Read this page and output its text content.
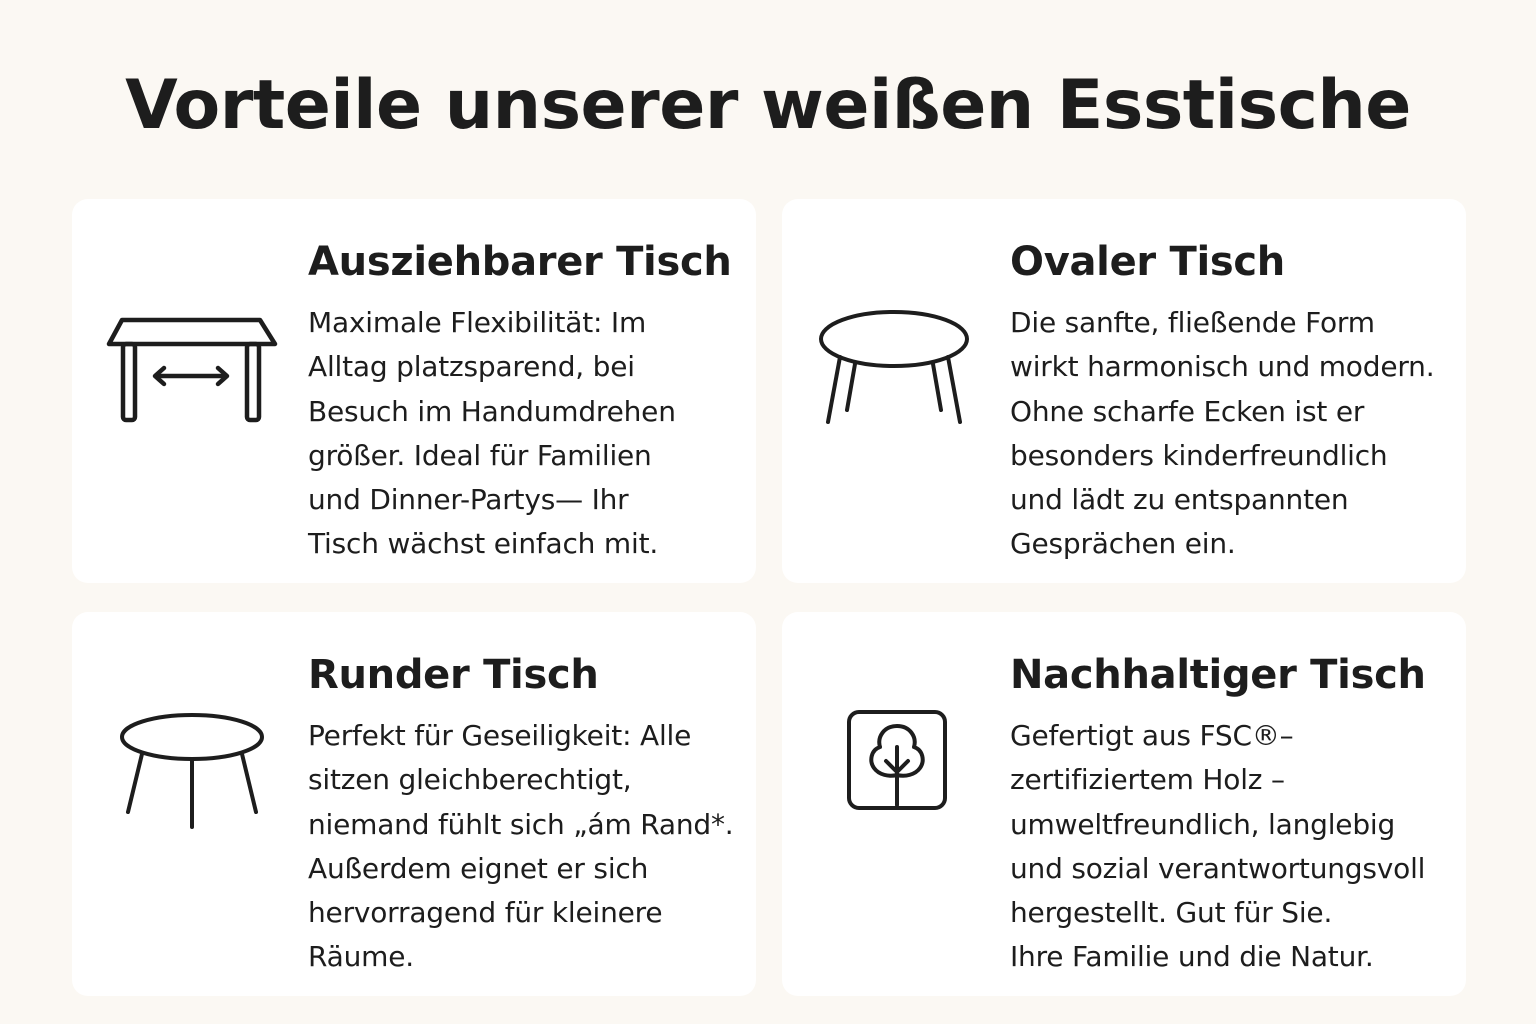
Vorteile unserer weißen Esstische
Ausziehbarer Tisch
Maximale Flexibilität: Im
Alltag platzsparend, bei
Besuch im Handumdrehen
größer. Ideal für Familien
und Dinner-Partys— Ihr
Tisch wächst einfach mit.
Ovaler Tisch
Die sanfte, fließende Form
wirkt harmonisch und modern.
Ohne scharfe Ecken ist er
besonders kinderfreundlich
und lädt zu entspannten
Gesprächen ein.
Runder Tisch
Perfekt für Geseiligkeit: Alle
sitzen gleichberechtigt,
niemand fühlt sich „ám Rand*.
Außerdem eignet er sich
hervorragend für kleinere
Räume.
Nachhaltiger Tisch
Gefertigt aus FSC®–
zertifiziertem Holz –
umweltfreundlich, langlebig
und sozial verantwortungsvoll
hergestellt. Gut für Sie.
Ihre Familie und die Natur.
